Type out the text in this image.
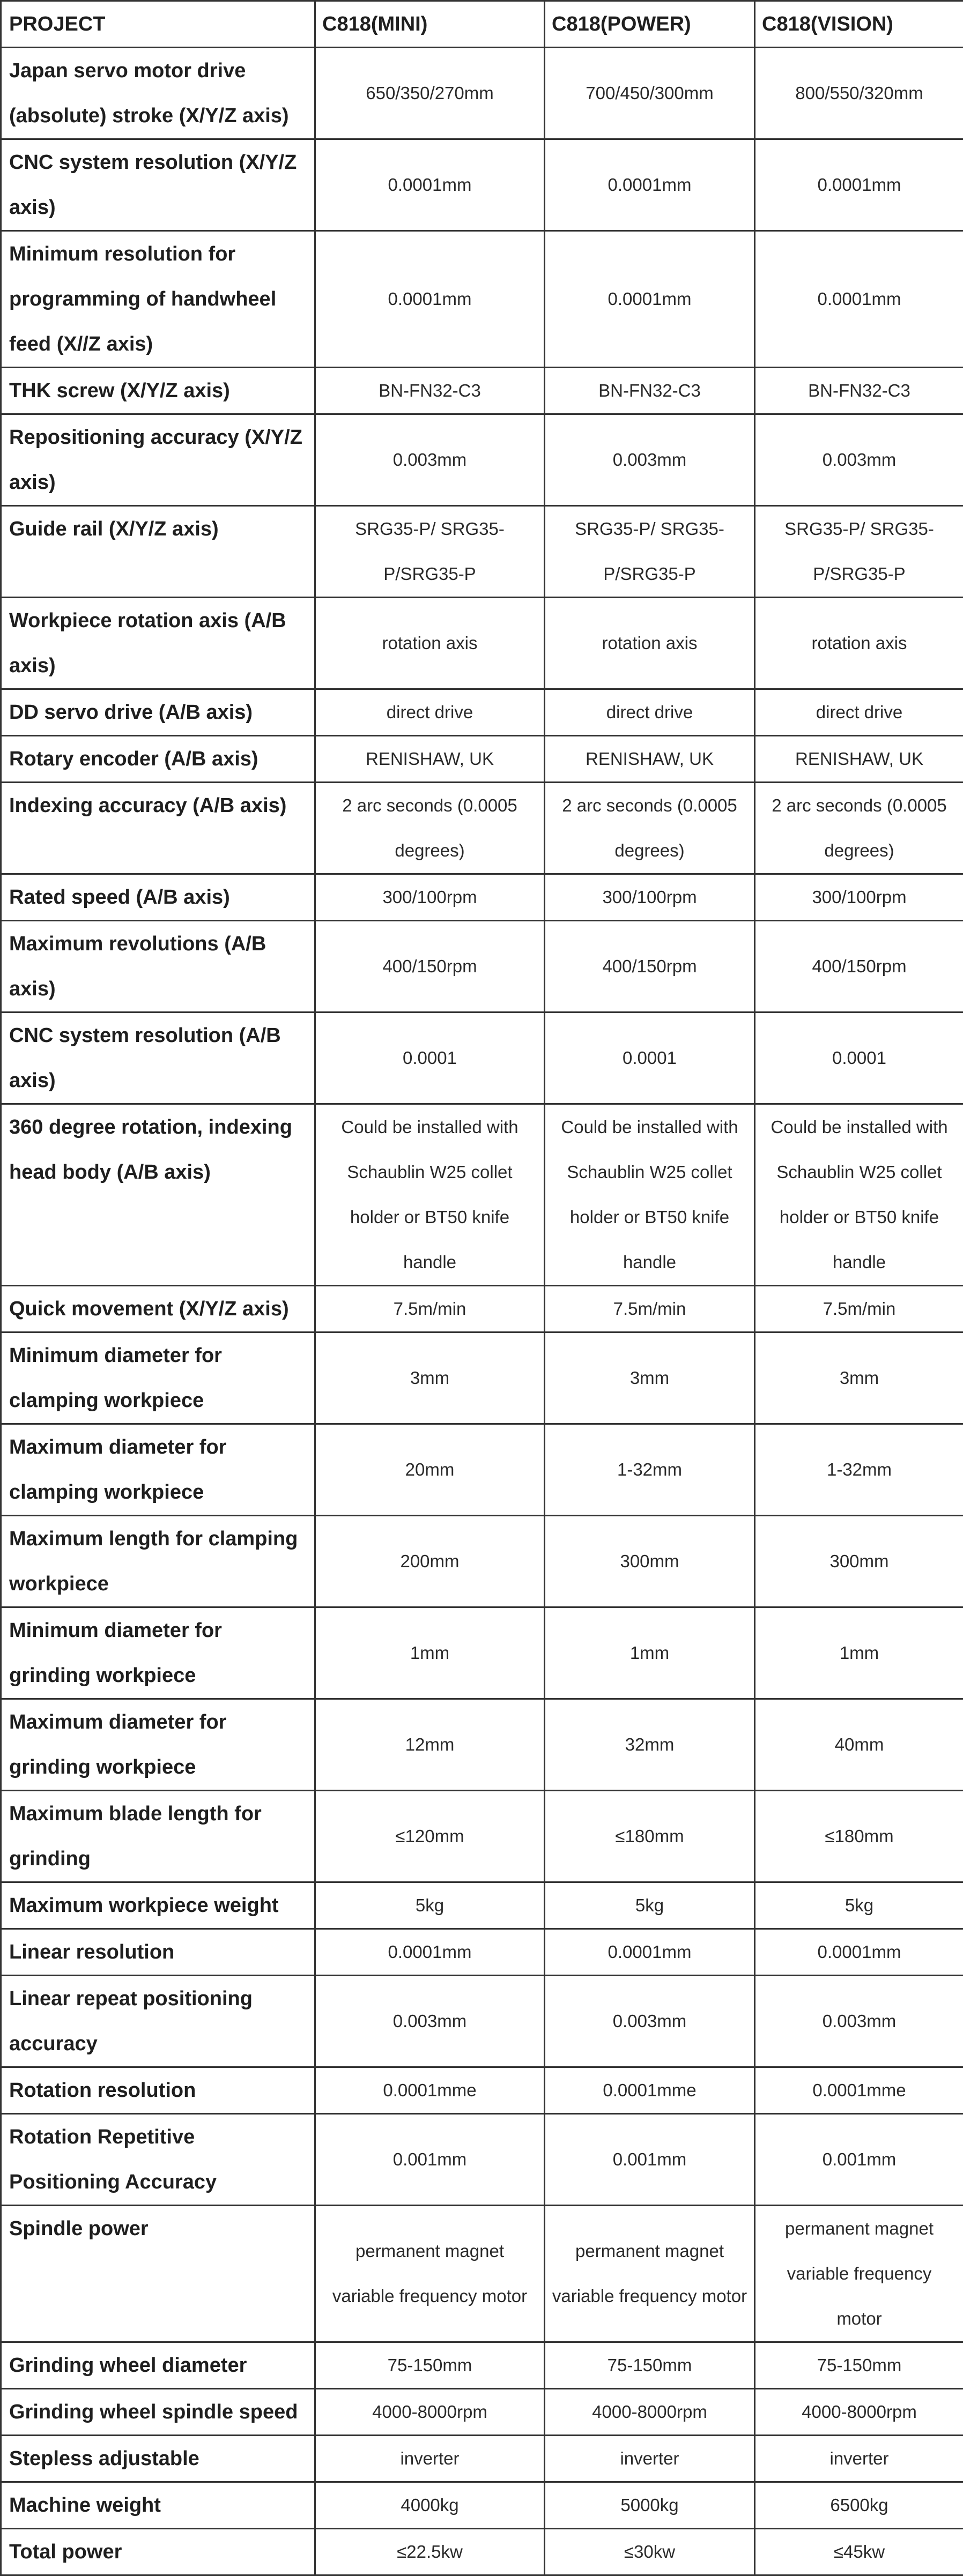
PROJECT	C818(MINI)	C818(POWER)	C818(VISION)
Japan servo motor drive (absolute) stroke (X/Y/Z axis)	650/350/270mm	700/450/300mm	800/550/320mm
CNC system resolution (X/Y/Z axis)	0.0001mm	0.0001mm	0.0001mm
Minimum resolution for programming of handwheel feed (X//Z axis)	0.0001mm	0.0001mm	0.0001mm
THK screw (X/Y/Z axis)	BN-FN32-C3	BN-FN32-C3	BN-FN32-C3
Repositioning accuracy (X/Y/Z axis)	0.003mm	0.003mm	0.003mm
Guide rail (X/Y/Z axis)	SRG35-P/ SRG35-P/SRG35-P	SRG35-P/ SRG35-P/SRG35-P	SRG35-P/ SRG35-P/SRG35-P
Workpiece rotation axis (A/B axis)	rotation axis	rotation axis	rotation axis
DD servo drive (A/B axis)	direct drive	direct drive	direct drive
Rotary encoder (A/B axis)	RENISHAW, UK	RENISHAW, UK	RENISHAW, UK
Indexing accuracy (A/B axis)	2 arc seconds (0.0005 degrees)	2 arc seconds (0.0005 degrees)	2 arc seconds (0.0005 degrees)
Rated speed (A/B axis)	300/100rpm	300/100rpm	300/100rpm
Maximum revolutions (A/B axis)	400/150rpm	400/150rpm	400/150rpm
CNC system resolution (A/B axis)	0.0001	0.0001	0.0001
360 degree rotation, indexing head body (A/B axis)	Could be installed with Schaublin W25 collet holder or BT50 knife handle	Could be installed with Schaublin W25 collet holder or BT50 knife handle	Could be installed with Schaublin W25 collet holder or BT50 knife handle
Quick movement (X/Y/Z axis)	7.5m/min	7.5m/min	7.5m/min
Minimum diameter for clamping workpiece	3mm	3mm	3mm
Maximum diameter for clamping workpiece	20mm	1-32mm	1-32mm
Maximum length for clamping workpiece	200mm	300mm	300mm
Minimum diameter for grinding workpiece	1mm	1mm	1mm
Maximum diameter for grinding workpiece	12mm	32mm	40mm
Maximum blade length for grinding	≤120mm	≤180mm	≤180mm
Maximum workpiece weight	5kg	5kg	5kg
Linear resolution	0.0001mm	0.0001mm	0.0001mm
Linear repeat positioning accuracy	0.003mm	0.003mm	0.003mm
Rotation resolution	0.0001mme	0.0001mme	0.0001mme
Rotation Repetitive Positioning Accuracy	0.001mm	0.001mm	0.001mm
Spindle power	permanent magnet variable frequency motor	permanent magnet variable frequency motor	permanent magnet variable frequency motor
Grinding wheel diameter	75-150mm	75-150mm	75-150mm
Grinding wheel spindle speed	4000-8000rpm	4000-8000rpm	4000-8000rpm
Stepless adjustable	inverter	inverter	inverter
Machine weight	4000kg	5000kg	6500kg
Total power	≤22.5kw	≤30kw	≤45kw
